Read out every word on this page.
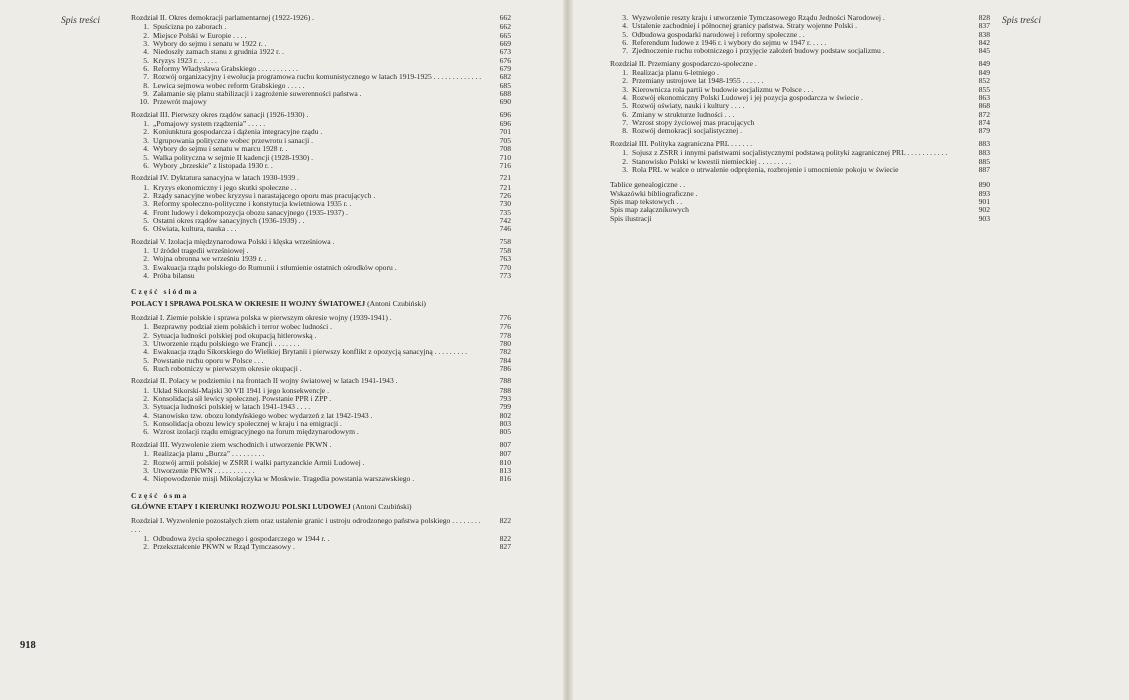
Spis treści	Spis treści
918
Rozdział II. Okres demokracji parlamentarnej (1922-1926) .	662
1. Spuścizna po zaborach .	662
2. Miejsce Polski w Europie . . . .	665
3. Wybory do sejmu i senatu w 1922 r. .	669
4. Niedoszły zamach stanu z grudnia 1922 r. .	673
5. Kryzys 1923 r. . . . . .	676
6. Reformy Władysława Grabskiego . . . . . . . . . . .	679
7. Rozwój organizacyjny i ewolucja programowa ruchu komunistycznego w latach 1919-1925 . . . . . . . . . . . . .	682
8. Lewica sejmowa wobec reform Grabskiego . . . . .	685
9. Załamanie się planu stabilizacji i zagrożenie suwerenności państwa .	688
10. Przewrót majowy	690
Rozdział III. Pierwszy okres rządów sanacji (1926-1930) .	696
1. „Pomajowy system rządzenia” . . . . .	696
2. Koniunktura gospodarcza i dążenia integracyjne rządu .	701
3. Ugrupowania polityczne wobec przewrotu i sanacji .	705
4. Wybory do sejmu i senatu w marcu 1928 r. .	708
5. Walka polityczna w sejmie II kadencji (1928-1930) .	710
6. Wybory „brzeskie” z listopada 1930 r. .	716
Rozdział IV. Dyktatura sanacyjna w latach 1930-1939 .	721
1. Kryzys ekonomiczny i jego skutki społeczne . .	721
2. Rządy sanacyjne wobec kryzysu i narastającego oporu mas pracujących .	726
3. Reformy społeczno-polityczne i konstytucja kwietniowa 1935 r. .	730
4. Front ludowy i dekompozycja obozu sanacyjnego (1935-1937) .	735
5. Ostatni okres rządów sanacyjnych (1936-1939) . .	742
6. Oświata, kultura, nauka . . .	746
Rozdział V. Izolacja międzynarodowa Polski i klęska wrześniowa .	758
1. U źródeł tragedii wrześniowej .	758
2. Wojna obronna we wrześniu 1939 r. .	763
3. Ewakuacja rządu polskiego do Rumunii i stłumienie ostatnich ośrodków oporu .	770
4. Próba bilansu	773
Część siódma
POLACY I SPRAWA POLSKA W OKRESIE II WOJNY ŚWIATOWEJ (Antoni Czubiński)
Rozdział I. Ziemie polskie i sprawa polska w pierwszym okresie wojny (1939-1941) .	776
1. Bezprawny podział ziem polskich i terror wobec ludności .	776
2. Sytuacja ludności polskiej pod okupacją hitlerowską .	778
3. Utworzenie rządu polskiego we Francji . . . . . . .	780
4. Ewakuacja rządu Sikorskiego do Wielkiej Brytanii i pierwszy konflikt z opozycją sanacyjną . . . . . . . . .	782
5. Powstanie ruchu oporu w Polsce . . .	784
6. Ruch robotniczy w pierwszym okresie okupacji .	786
Rozdział II. Polacy w podziemiu i na frontach II wojny światowej w latach 1941-1943 .	788
1. Układ Sikorski-Majski 30 VII 1941 i jego konsekwencje .	788
2. Konsolidacja sił lewicy społecznej. Powstanie PPR i ZPP .	793
3. Sytuacja ludności polskiej w latach 1941-1943 . . . .	799
4. Stanowisko tzw. obozu londyńskiego wobec wydarzeń z lat 1942-1943 .	802
5. Konsolidacja obozu lewicy społecznej w kraju i na emigracji .	803
6. Wzrost izolacji rządu emigracyjnego na forum międzynarodowym .	805
Rozdział III. Wyzwolenie ziem wschodnich i utworzenie PKWN .	807
1. Realizacja planu „Burza” . . . . . . . . .	807
2. Rozwój armii polskiej w ZSRR i walki partyzanckie Armii Ludowej .	810
3. Utworzenie PKWN . . . . . . . . . . .	813
4. Niepowodzenie misji Mikołajczyka w Moskwie. Tragedia powstania warszawskiego .	816
Część ósma
GŁÓWNE ETAPY I KIERUNKI ROZWOJU POLSKI LUDOWEJ (Antoni Czubiński)
Rozdział I. Wyzwolenie pozostałych ziem oraz ustalenie granic i ustroju odrodzonego państwa polskiego . . . . . . . . . . .
822
1. Odbudowa życia społecznego i gospodarczego w 1944 r. .	822
2. Przekształcenie PKWN w Rząd Tymczasowy .	827
3. Wyzwolenie reszty kraju i utworzenie Tymczasowego Rządu Jedności Narodowej .	828
4. Ustalenie zachodniej i północnej granicy państwa. Straty wojenne Polski .	837
5. Odbudowa gospodarki narodowej i reformy społeczne . .	838
6. Referendum ludowe z 1946 r. i wybory do sejmu w 1947 r. . . . .	842
7. Zjednoczenie ruchu robotniczego i przyjęcie założeń budowy podstaw socjalizmu .	845
Rozdział II. Przemiany gospodarczo-społeczne .	849
1. Realizacja planu 6-letniego .	849
2. Przemiany ustrojowe lat 1948-1955 . . . . . .	852
3. Kierownicza rola partii w budowie socjalizmu w Polsce . . .	855
4. Rozwój ekonomiczny Polski Ludowej i jej pozycja gospodarcza w świecie .	863
5. Rozwój oświaty, nauki i kultury . . . .	868
6. Zmiany w strukturze ludności . . .	872
7. Wzrost stopy życiowej mas pracujących	874
8. Rozwój demokracji socjalistycznej .	879
Rozdział III. Polityka zagraniczna PRL . . . . . .	883
1. Sojusz z ZSRR i innymi państwami socjalistycznymi podstawą polityki zagranicznej PRL . . . . . . . . . . .	883
2. Stanowisko Polski w kwestii niemieckiej . . . . . . . . .	885
3. Rola PRL w walce o utrwalenie odprężenia, rozbrojenie i umocnienie pokoju w świecie	887
Tablice genealogiczne . .	890
Wskazówki bibliograficzne .	893
Spis map tekstowych . .	901
Spis map załącznikowych	902
Spis ilustracji	903
